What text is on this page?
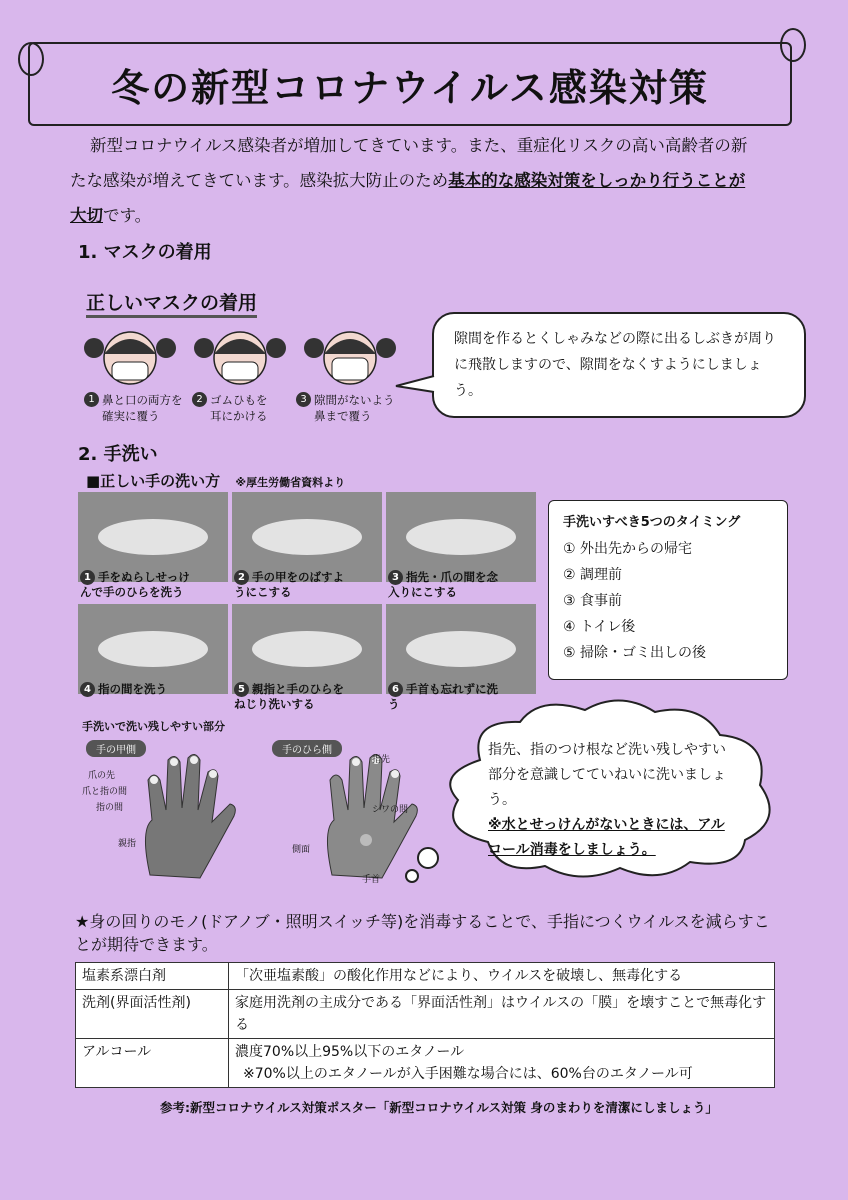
冬の新型コロナウイルス感染対策
新型コロナウイルス感染者が増加してきています。また、重症化リスクの高い高齢者の新たな感染が増えてきています。感染拡大防止のため基本的な感染対策をしっかり行うことが大切です。
1. マスクの着用
正しいマスクの着用
1 鼻と口の両方を
確実に覆う
2 ゴムひもを
耳にかける
3 隙間がないよう
鼻まで覆う
隙間を作るとくしゃみなどの際に出るしぶきが周りに飛散しますので、隙間をなくすようにしましょう。
2. 手洗い
■正しい手の洗い方 ※厚生労働省資料より
1 手をぬらしせっけ
んで手のひらを洗う
2 手の甲をのばすよ
うにこする
3 指先・爪の間を念
入りにこする
4 指の間を洗う	5 親指と手のひらを
ねじり洗いする
6 手首も忘れずに洗
う
手洗いすべき5つのタイミング
① 外出先からの帰宅
② 調理前
③ 食事前
④ トイレ後
⑤ 掃除・ゴミ出しの後
手洗いで洗い残しやすい部分
手の甲側	手のひら側
爪の先
爪と指の間
指の間
親指
指先
シワの間
側面
手首
指先、指のつけ根など洗い残しやすい部分を意識してていねいに洗いましょう。
※水とせっけんがないときには、アルコール消毒をしましょう。
★身の回りのモノ(ドアノブ・照明スイッチ等)を消毒することで、手指につくウイルスを減らすことが期待できます。
塩素系漂白剤	「次亜塩素酸」の酸化作用などにより、ウイルスを破壊し、無毒化する
洗剤(界面活性剤)	家庭用洗剤の主成分である「界面活性剤」はウイルスの「膜」を壊すことで無毒化する
アルコール	濃度70%以上95%以下のエタノール
※70%以上のエタノールが入手困難な場合には、60%台のエタノール可
参考:新型コロナウイルス対策ポスター「新型コロナウイルス対策 身のまわりを清潔にしましょう」
